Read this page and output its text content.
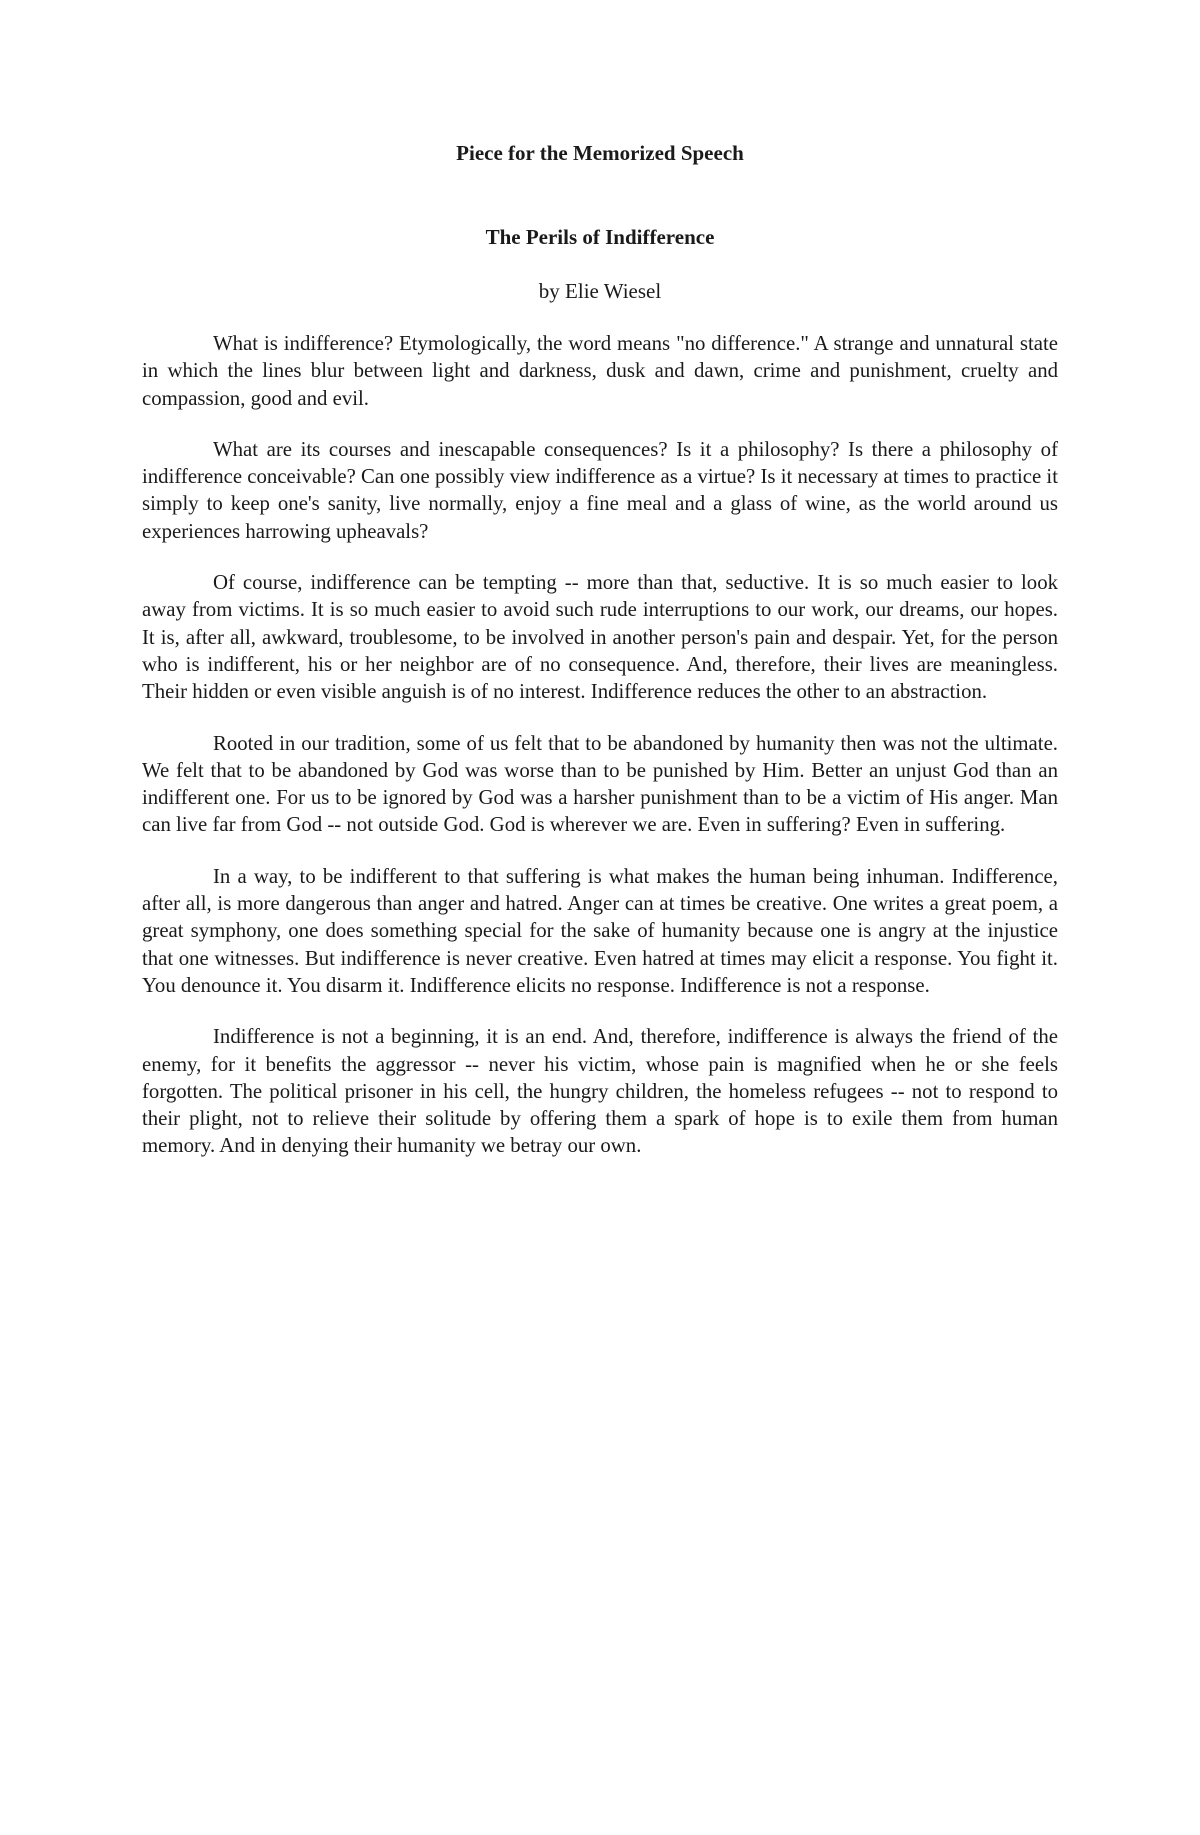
Piece for the Memorized Speech
The Perils of Indifference

by Elie Wiesel

What is indifference? Etymologically, the word means "no difference." A strange and unnatural state in which the lines blur between light and darkness, dusk and dawn, crime and punishment, cruelty and compassion, good and evil.

What are its courses and inescapable consequences? Is it a philosophy? Is there a philosophy of indifference conceivable? Can one possibly view indifference as a virtue? Is it necessary at times to practice it simply to keep one's sanity, live normally, enjoy a fine meal and a glass of wine, as the world around us experiences harrowing upheavals?

Of course, indifference can be tempting -- more than that, seductive. It is so much easier to look away from victims. It is so much easier to avoid such rude interruptions to our work, our dreams, our hopes. It is, after all, awkward, troublesome, to be involved in another person's pain and despair. Yet, for the person who is indifferent, his or her neighbor are of no consequence. And, therefore, their lives are meaningless. Their hidden or even visible anguish is of no interest. Indifference reduces the other to an abstraction.

Rooted in our tradition, some of us felt that to be abandoned by humanity then was not the ultimate. We felt that to be abandoned by God was worse than to be punished by Him. Better an unjust God than an indifferent one. For us to be ignored by God was a harsher punishment than to be a victim of His anger. Man can live far from God -- not outside God. God is wherever we are. Even in suffering? Even in suffering.

In a way, to be indifferent to that suffering is what makes the human being inhuman. Indifference, after all, is more dangerous than anger and hatred. Anger can at times be creative. One writes a great poem, a great symphony, one does something special for the sake of humanity because one is angry at the injustice that one witnesses. But indifference is never creative. Even hatred at times may elicit a response. You fight it. You denounce it. You disarm it. Indifference elicits no response. Indifference is not a response.

Indifference is not a beginning, it is an end. And, therefore, indifference is always the friend of the enemy, for it benefits the aggressor -- never his victim, whose pain is magnified when he or she feels forgotten. The political prisoner in his cell, the hungry children, the homeless refugees -- not to respond to their plight, not to relieve their solitude by offering them a spark of hope is to exile them from human memory. And in denying their humanity we betray our own.
